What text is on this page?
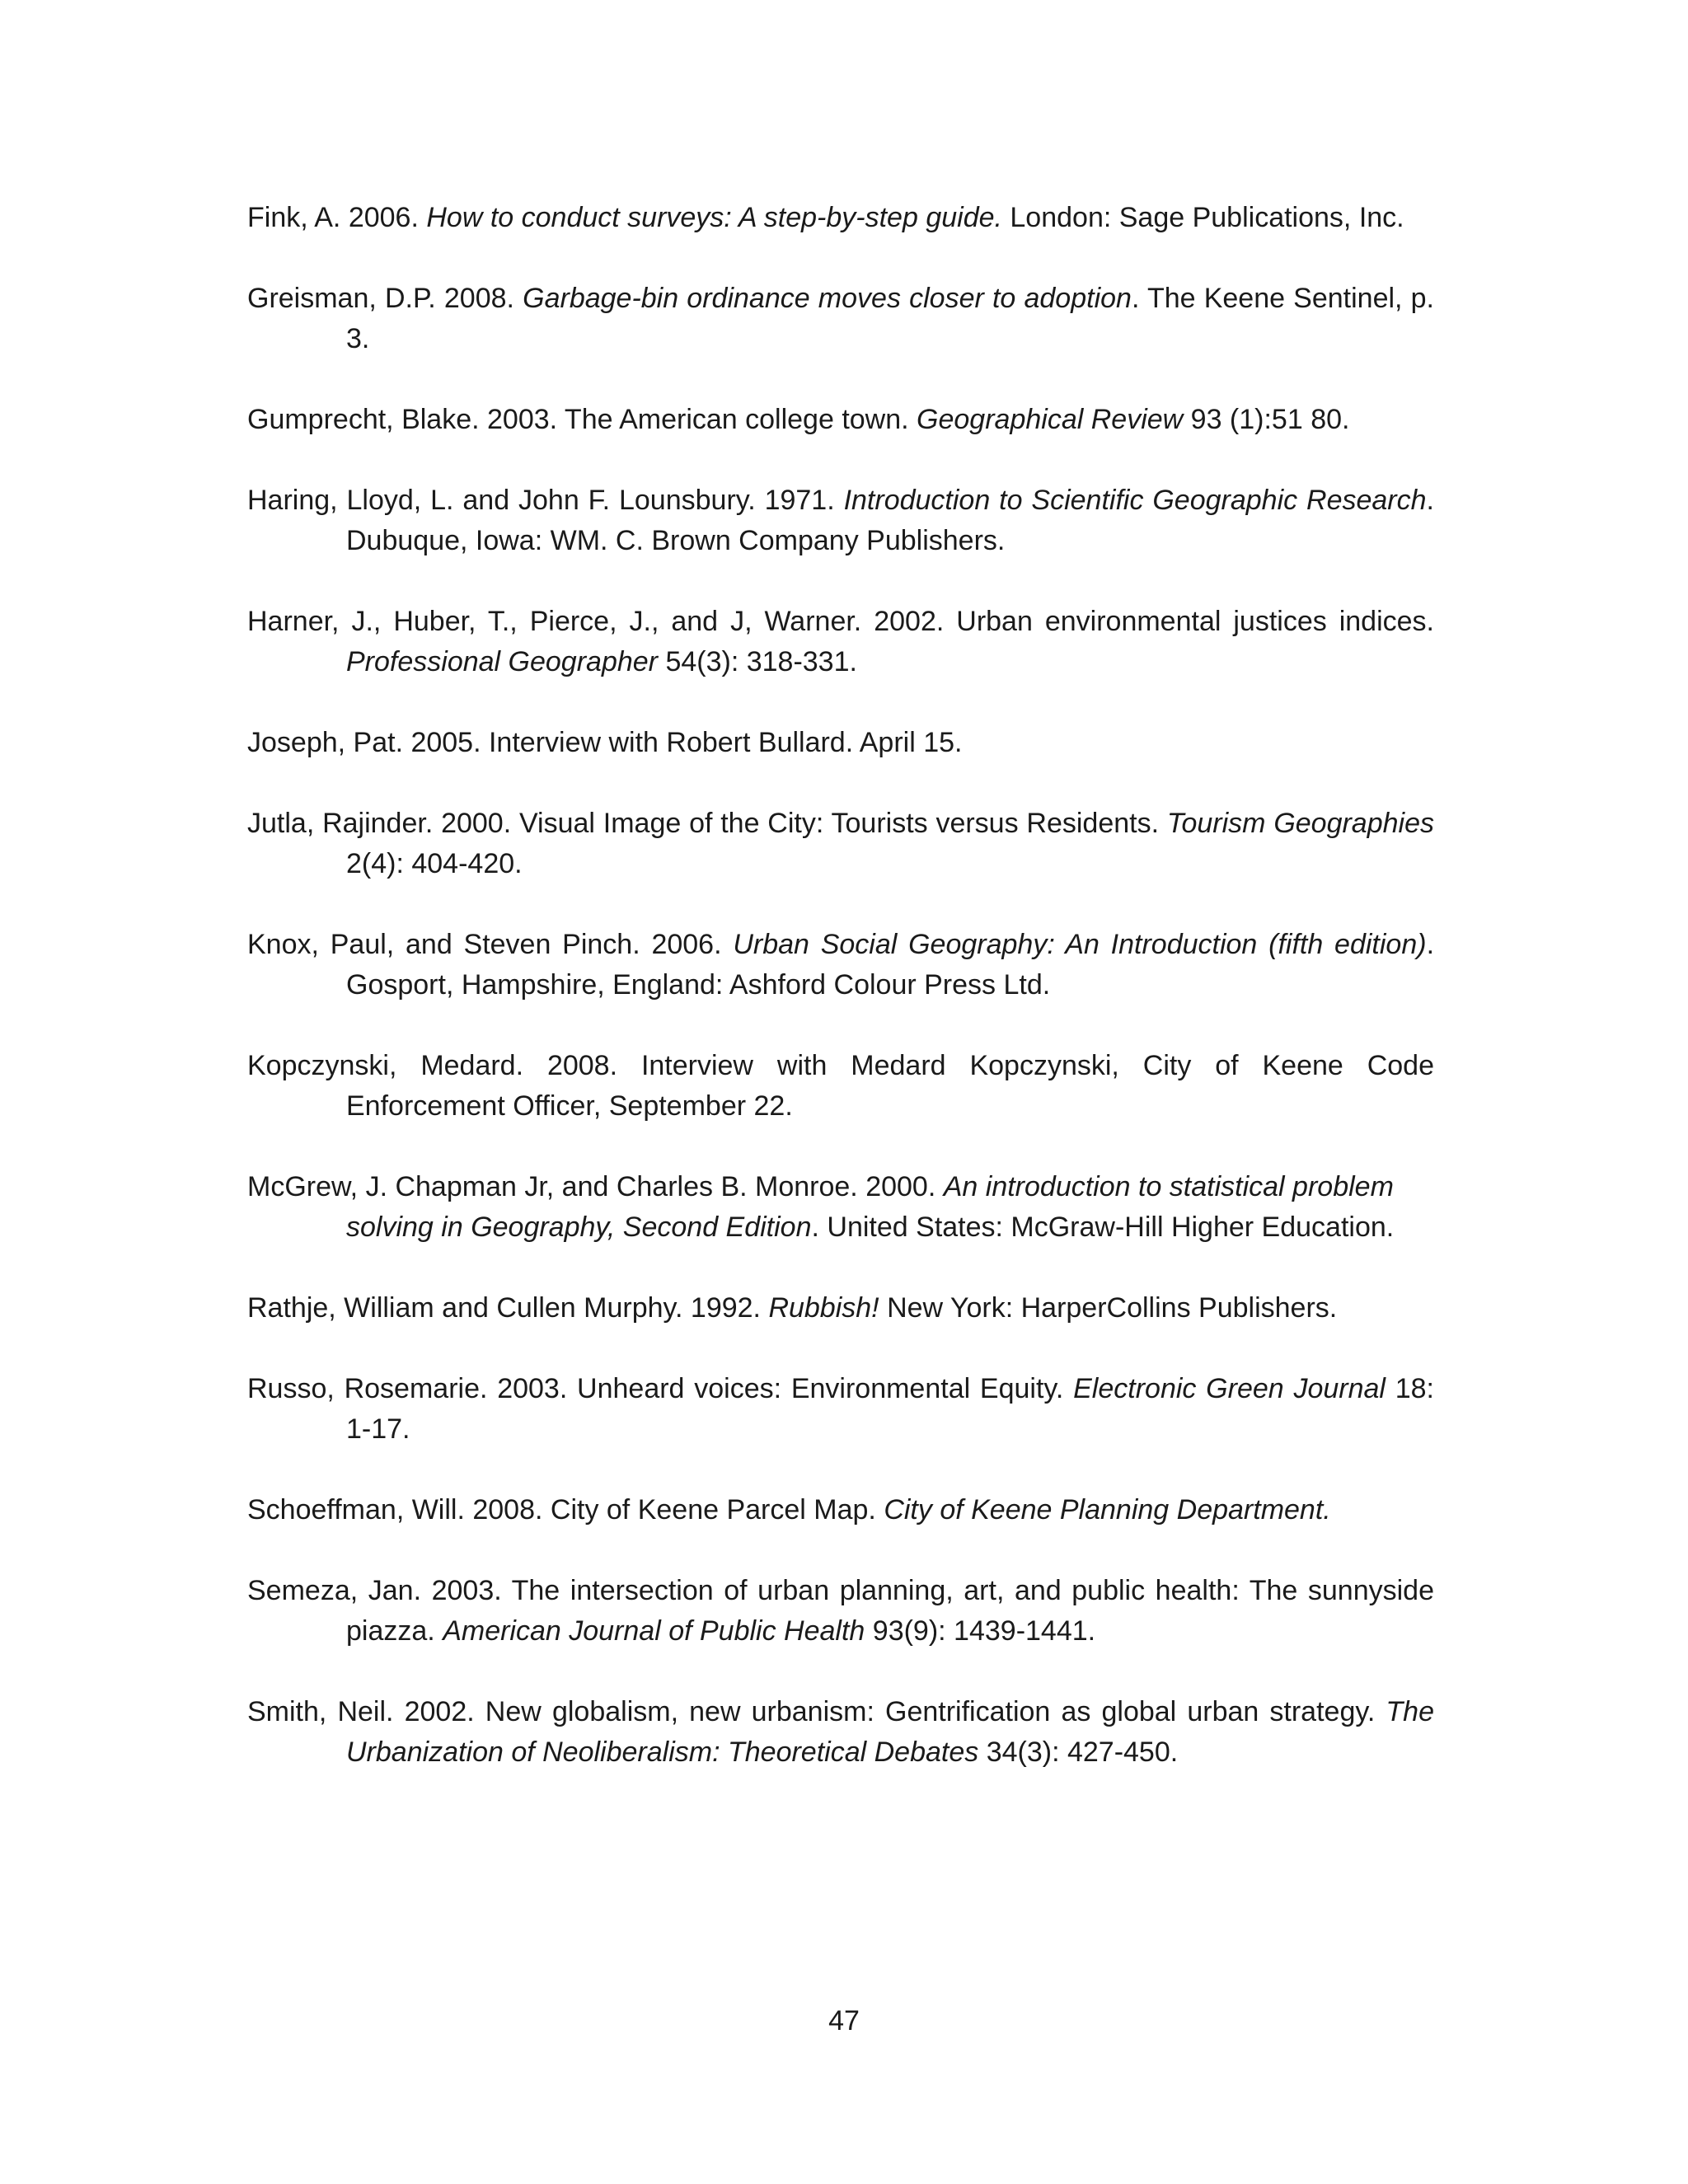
Fink, A. 2006. How to conduct surveys: A step-by-step guide. London: Sage Publications, Inc.
Greisman, D.P. 2008. Garbage-bin ordinance moves closer to adoption. The Keene Sentinel, p. 3.
Gumprecht, Blake. 2003. The American college town. Geographical Review 93 (1):51 80.
Haring, Lloyd, L. and John F. Lounsbury. 1971. Introduction to Scientific Geographic Research. Dubuque, Iowa: WM. C. Brown Company Publishers.
Harner, J., Huber, T., Pierce, J., and J, Warner. 2002. Urban environmental justices indices. Professional Geographer 54(3): 318-331.
Joseph, Pat. 2005. Interview with Robert Bullard. April 15.
Jutla, Rajinder. 2000. Visual Image of the City: Tourists versus Residents. Tourism Geographies 2(4): 404-420.
Knox, Paul, and Steven Pinch. 2006. Urban Social Geography: An Introduction (fifth edition). Gosport, Hampshire, England: Ashford Colour Press Ltd.
Kopczynski, Medard. 2008. Interview with Medard Kopczynski, City of Keene Code Enforcement Officer, September 22.
McGrew, J. Chapman Jr, and Charles B. Monroe. 2000. An introduction to statistical problem solving in Geography, Second Edition. United States: McGraw-Hill Higher Education.
Rathje, William and Cullen Murphy. 1992. Rubbish! New York: HarperCollins Publishers.
Russo, Rosemarie. 2003. Unheard voices: Environmental Equity. Electronic Green Journal 18: 1-17.
Schoeffman, Will. 2008. City of Keene Parcel Map. City of Keene Planning Department.
Semeza, Jan. 2003. The intersection of urban planning, art, and public health: The sunnyside piazza. American Journal of Public Health 93(9): 1439-1441.
Smith, Neil. 2002. New globalism, new urbanism: Gentrification as global urban strategy. The Urbanization of Neoliberalism: Theoretical Debates 34(3): 427-450.
47
